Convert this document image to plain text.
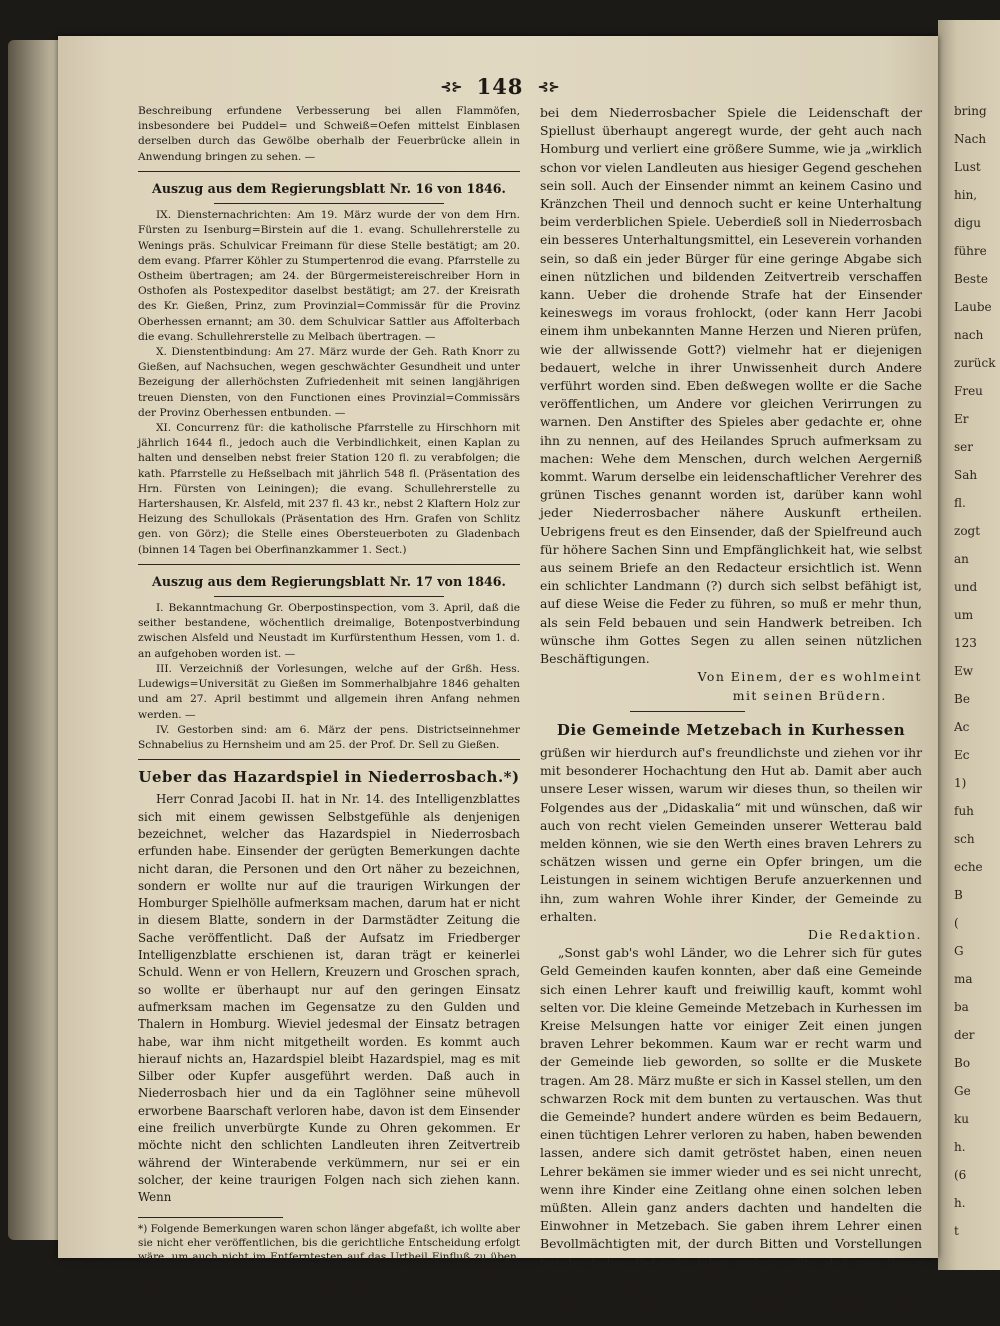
bring
Nach
Lust
hin,
digu
führe
Beste
Laube
nach
zurück
Freu
Er
ser
Sah
fl.
zogt
an
und
um
123
Ew
Be
Ac
Ec
1)
fuh
sch
eche
B
(
G
ma
ba
der
Bo
Ge
ku
h.
(6
h.
t
⊰⊱ 148 ⊰⊱

Beschreibung erfundene Verbesserung bei allen Flammöfen, insbesondere bei Puddel= und Schweiß=Oefen mittelst Einblasen derselben durch das Gewölbe oberhalb der Feuerbrücke allein in Anwendung bringen zu sehen. —

Auszug aus dem Regierungsblatt Nr. 16 von 1846.

IX. Diensternachrichten: Am 19. März wurde der von dem Hrn. Fürsten zu Isenburg=Birstein auf die 1. evang. Schullehrerstelle zu Wenings präs. Schulvicar Freimann für diese Stelle bestätigt; am 20. dem evang. Pfarrer Köhler zu Stumpertenrod die evang. Pfarrstelle zu Ostheim übertragen; am 24. der Bürgermeistereischreiber Horn in Osthofen als Postexpeditor daselbst bestätigt; am 27. der Kreisrath des Kr. Gießen, Prinz, zum Provinzial=Commissär für die Provinz Oberhessen ernannt; am 30. dem Schulvicar Sattler aus Affolterbach die evang. Schullehrerstelle zu Melbach übertragen. —

X. Dienstentbindung: Am 27. März wurde der Geh. Rath Knorr zu Gießen, auf Nachsuchen, wegen geschwächter Gesundheit und unter Bezeigung der allerhöchsten Zufriedenheit mit seinen langjährigen treuen Diensten, von den Functionen eines Provinzial=Commissärs der Provinz Oberhessen entbunden. —

XI. Concurrenz für: die katholische Pfarrstelle zu Hirschhorn mit jährlich 1644 fl., jedoch auch die Verbindlichkeit, einen Kaplan zu halten und denselben nebst freier Station 120 fl. zu verabfolgen; die kath. Pfarrstelle zu Heßselbach mit jährlich 548 fl. (Präsentation des Hrn. Fürsten von Leiningen); die evang. Schullehrerstelle zu Hartershausen, Kr. Alsfeld, mit 237 fl. 43 kr., nebst 2 Klaftern Holz zur Heizung des Schullokals (Präsentation des Hrn. Grafen von Schlitz gen. von Görz); die Stelle eines Obersteuerboten zu Gladenbach (binnen 14 Tagen bei Oberfinanzkammer 1. Sect.)

Auszug aus dem Regierungsblatt Nr. 17 von 1846.

I. Bekanntmachung Gr. Oberpostinspection, vom 3. April, daß die seither bestandene, wöchentlich dreimalige, Botenpostverbindung zwischen Alsfeld und Neustadt im Kurfürstenthum Hessen, vom 1. d. an aufgehoben worden ist. —

III. Verzeichniß der Vorlesungen, welche auf der Grßh. Hess. Ludewigs=Universität zu Gießen im Sommerhalbjahre 1846 gehalten und am 27. April bestimmt und allgemein ihren Anfang nehmen werden. —

IV. Gestorben sind: am 6. März der pens. Districtseinnehmer Schnabelius zu Hernsheim und am 25. der Prof. Dr. Sell zu Gießen.

Ueber das Hazardspiel in Niederrosbach.*)

Herr Conrad Jacobi II. hat in Nr. 14. des Intelligenzblattes sich mit einem gewissen Selbstgefühle als denjenigen bezeichnet, welcher das Hazardspiel in Niederrosbach erfunden habe. Einsender der gerügten Bemerkungen dachte nicht daran, die Personen und den Ort näher zu bezeichnen, sondern er wollte nur auf die traurigen Wirkungen der Homburger Spielhölle aufmerksam machen, darum hat er nicht in diesem Blatte, sondern in der Darmstädter Zeitung die Sache veröffentlicht. Daß der Aufsatz im Friedberger Intelligenzblatte erschienen ist, daran trägt er keinerlei Schuld. Wenn er von Hellern, Kreuzern und Groschen sprach, so wollte er überhaupt nur auf den geringen Einsatz aufmerksam machen im Gegensatze zu den Gulden und Thalern in Homburg. Wieviel jedesmal der Einsatz betragen habe, war ihm nicht mitgetheilt worden. Es kommt auch hierauf nichts an, Hazardspiel bleibt Hazardspiel, mag es mit Silber oder Kupfer ausgeführt werden. Daß auch in Niederrosbach hier und da ein Taglöhner seine mühevoll erworbene Baarschaft verloren habe, davon ist dem Einsender eine freilich unverbürgte Kunde zu Ohren gekommen. Er möchte nicht den schlichten Landleuten ihren Zeitvertreib während der Winterabende verkümmern, nur sei er ein solcher, der keine traurigen Folgen nach sich ziehen kann. Wenn

*) Folgende Bemerkungen waren schon länger abgefaßt, ich wollte aber sie nicht eher veröffentlichen, bis die gerichtliche Entscheidung erfolgt wäre, um auch nicht im Entferntesten auf das Urtheil Einfluß zu üben, doch die Sache scheint sich zu verzögern, da noch mancherlei Zeugen sollen verhört werden, um den Thatbestand richtig zu stellen. Ich konnte nicht länger schweigen, damit man das Schweigen nicht als Zugeständniß betrachte.

bei dem Niederrosbacher Spiele die Leidenschaft der Spiellust überhaupt angeregt wurde, der geht auch nach Homburg und verliert eine größere Summe, wie ja „wirklich schon vor vielen Landleuten aus hiesiger Gegend geschehen sein soll. Auch der Einsender nimmt an keinem Casino und Kränzchen Theil und dennoch sucht er keine Unterhaltung beim verderblichen Spiele. Ueberdieß soll in Niederrosbach ein besseres Unterhaltungsmittel, ein Leseverein vorhanden sein, so daß ein jeder Bürger für eine geringe Abgabe sich einen nützlichen und bildenden Zeitvertreib verschaffen kann. Ueber die drohende Strafe hat der Einsender keineswegs im voraus frohlockt, (oder kann Herr Jacobi einem ihm unbekannten Manne Herzen und Nieren prüfen, wie der allwissende Gott?) vielmehr hat er diejenigen bedauert, welche in ihrer Unwissenheit durch Andere verführt worden sind. Eben deßwegen wollte er die Sache veröffentlichen, um Andere vor gleichen Verirrungen zu warnen. Den Anstifter des Spieles aber gedachte er, ohne ihn zu nennen, auf des Heilandes Spruch aufmerksam zu machen: Wehe dem Menschen, durch welchen Aergerniß kommt. Warum derselbe ein leidenschaftlicher Verehrer des grünen Tisches genannt worden ist, darüber kann wohl jeder Niederrosbacher nähere Auskunft ertheilen. Uebrigens freut es den Einsender, daß der Spielfreund auch für höhere Sachen Sinn und Empfänglichkeit hat, wie selbst aus seinem Briefe an den Redacteur ersichtlich ist. Wenn ein schlichter Landmann (?) durch sich selbst befähigt ist, auf diese Weise die Feder zu führen, so muß er mehr thun, als sein Feld bebauen und sein Handwerk betreiben. Ich wünsche ihm Gottes Segen zu allen seinen nützlichen Beschäftigungen.

Von Einem, der es wohlmeint
mit seinen Brüdern.
Die Gemeinde Metzebach in Kurhessen

grüßen wir hierdurch auf's freundlichste und ziehen vor ihr mit besonderer Hochachtung den Hut ab. Damit aber auch unsere Leser wissen, warum wir dieses thun, so theilen wir Folgendes aus der „Didaskalia“ mit und wünschen, daß wir auch von recht vielen Gemeinden unserer Wetterau bald melden können, wie sie den Werth eines braven Lehrers zu schätzen wissen und gerne ein Opfer bringen, um die Leistungen in seinem wichtigen Berufe anzuerkennen und ihn, zum wahren Wohle ihrer Kinder, der Gemeinde zu erhalten.

Die Redaktion.

„Sonst gab's wohl Länder, wo die Lehrer sich für gutes Geld Gemeinden kaufen konnten, aber daß eine Gemeinde sich einen Lehrer kauft und freiwillig kauft, kommt wohl selten vor. Die kleine Gemeinde Metzebach in Kurhessen im Kreise Melsungen hatte vor einiger Zeit einen jungen braven Lehrer bekommen. Kaum war er recht warm und der Gemeinde lieb geworden, so sollte er die Muskete tragen. Am 28. März mußte er sich in Kassel stellen, um den schwarzen Rock mit dem bunten zu vertauschen. Was thut die Gemeinde? hundert andere würden es beim Bedauern, einen tüchtigen Lehrer verloren zu haben, haben bewenden lassen, andere sich damit getröstet haben, einen neuen Lehrer bekämen sie immer wieder und es sei nicht unrecht, wenn ihre Kinder eine Zeitlang ohne einen solchen leben müßten. Allein ganz anders dachten und handelten die Einwohner in Metzebach. Sie gaben ihrem Lehrer einen Bevollmächtigten mit, der durch Bitten und Vorstellungen bei der hohen Behörde dahin wirken sollte, daß man ihnen den braven Lehrer lasse. Da aber Bitten und Vorstellungen fruchtlos blieben, kam der abgesendete Rabe bald wieder heim und
